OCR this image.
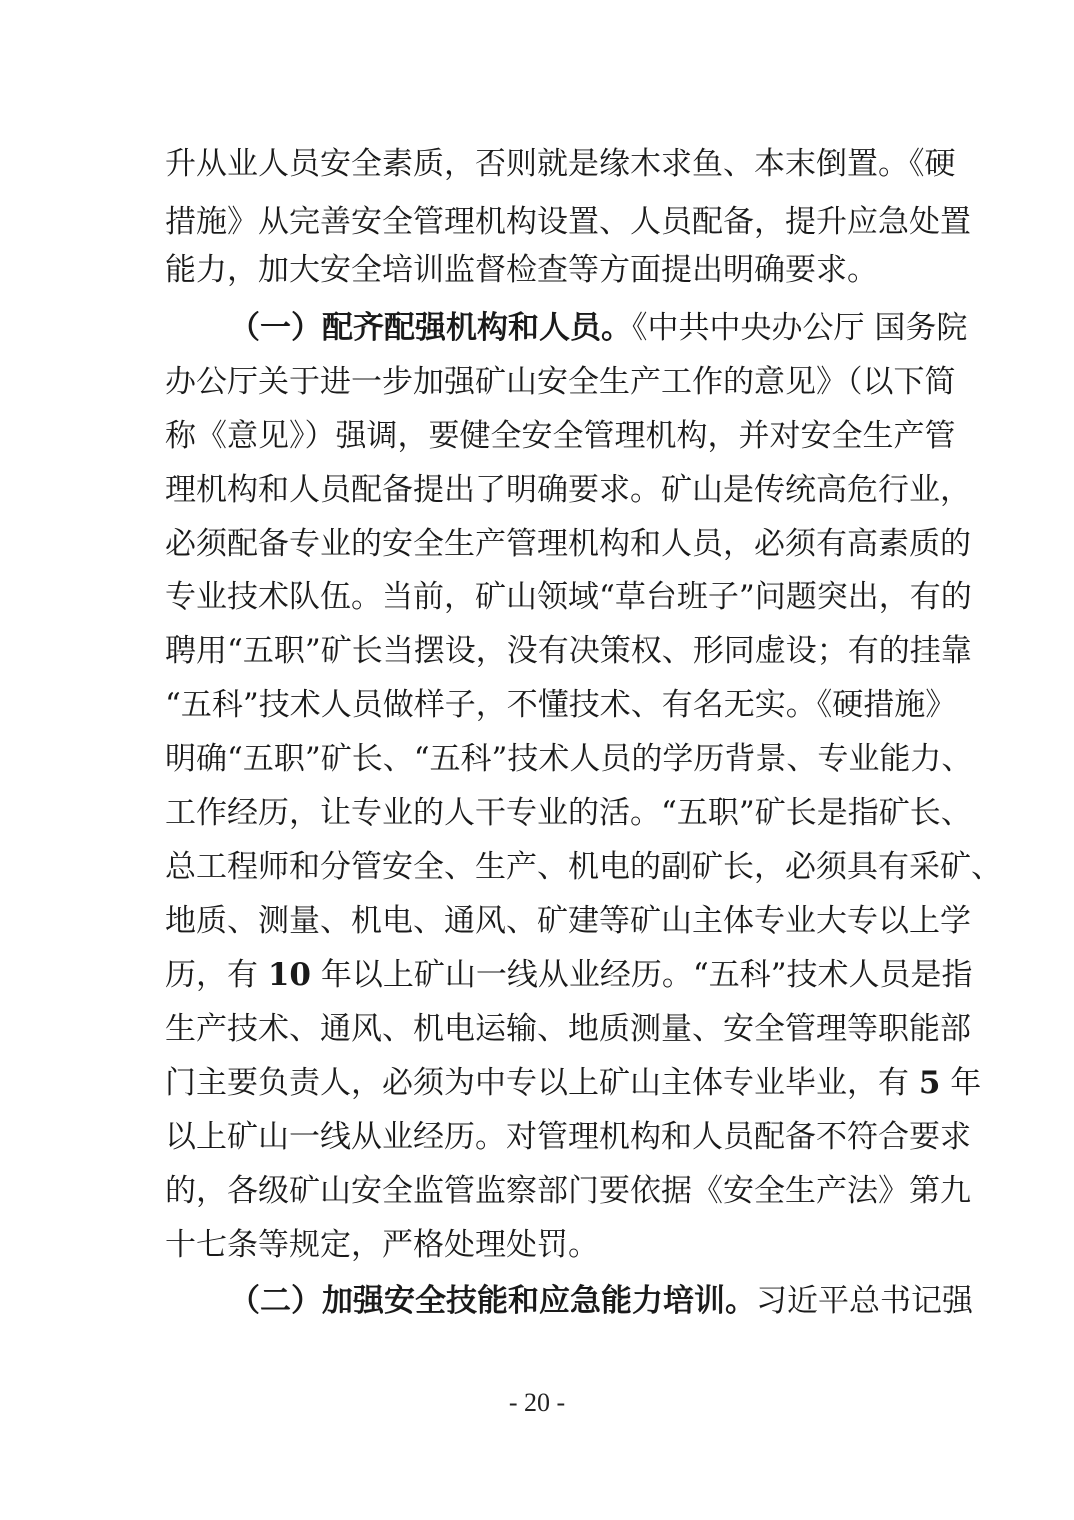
升从业人员安全素质，否则就是缘木求鱼、本末倒置。《硬
措施》从完善安全管理机构设置、人员配备，提升应急处置
能力，加大安全培训监督检查等方面提出明确要求。
（一）配齐配强机构和人员。《中共中央办公厅 国务院
办公厅关于进一步加强矿山安全生产工作的意见》（以下简
称《意见》）强调，要健全安全管理机构，并对安全生产管
理机构和人员配备提出了明确要求。矿山是传统高危行业，
必须配备专业的安全生产管理机构和人员，必须有高素质的
专业技术队伍。当前，矿山领域“草台班子”问题突出，有的
聘用“五职”矿长当摆设，没有决策权、形同虚设；有的挂靠
“五科”技术人员做样子，不懂技术、有名无实。《硬措施》
明确“五职”矿长、“五科”技术人员的学历背景、专业能力、
工作经历，让专业的人干专业的活。“五职”矿长是指矿长、
总工程师和分管安全、生产、机电的副矿长，必须具有采矿、
地质、测量、机电、通风、矿建等矿山主体专业大专以上学
历，有 10 年以上矿山一线从业经历。“五科”技术人员是指
生产技术、通风、机电运输、地质测量、安全管理等职能部
门主要负责人，必须为中专以上矿山主体专业毕业，有 5 年
以上矿山一线从业经历。对管理机构和人员配备不符合要求
的，各级矿山安全监管监察部门要依据《安全生产法》第九
十七条等规定，严格处理处罚。
（二）加强安全技能和应急能力培训。习近平总书记强
- 20 -
